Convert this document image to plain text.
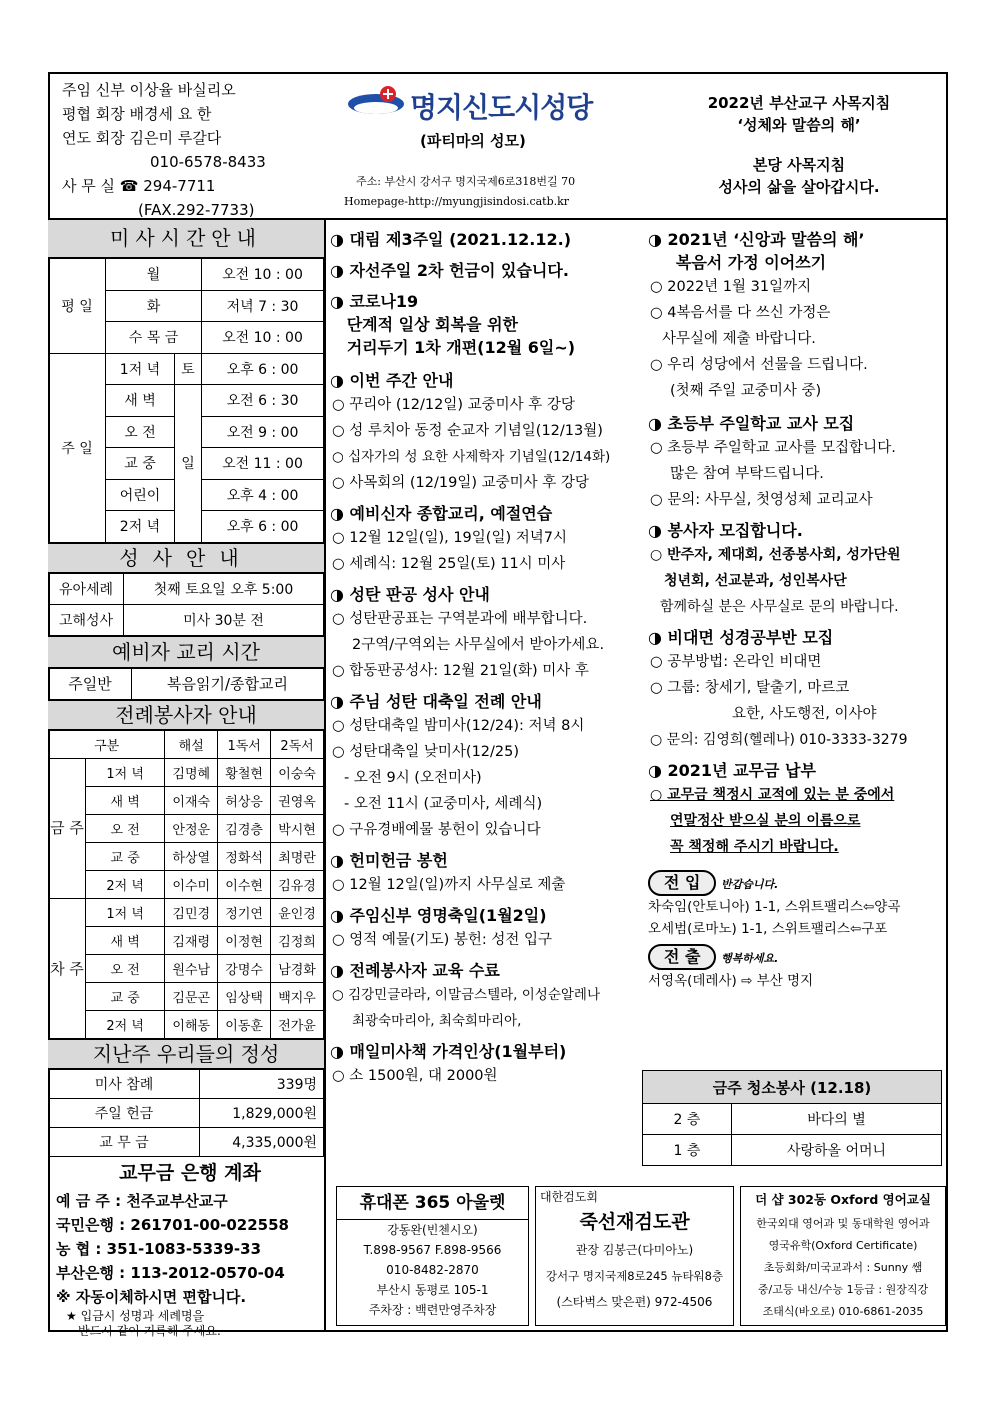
주임 신부 이상율 바실리오
평협 회장 배경세 요 한
연도 회장 김은미 루갈다
010-6578-8433
사 무 실 ☎ 294-7711
(FAX.292-7733)
명지신도시성당
(파티마의 성모)
주소: 부산시 강서구 명지국제6로318번길 70
Homepage-http://myungjisindosi.catb.kr
2022년 부산교구 사목지침
‘성체와 말씀의 해’
본당 사목지침
성사의 삶을 살아갑시다.
미사시간안내
평 일	월		오전 10 : 00
	화		저녁 7 : 30
	수 목 금		오전 10 : 00
주 일	1저 녁	토	오후 6 : 00
	새 벽	일	오전 6 : 30
	오 전		오전 9 : 00
	교 중		오전 11 : 00
	어린이		오후 4 : 00
	2저 녁		오후 6 : 00
성사안내
유아세례	첫째 토요일 오후 5:00
고해성사	미사 30분 전
예비자 교리 시간
주일반	복음읽기/종합교리
전례봉사자 안내
구분		해설	1독서	2독서
금 주	1저 녁	김명혜	황철현	이숭숙
	새 벽	이재숙	허상응	권영옥
	오 전	안정운	김경층	박시현
	교 중	하상열	정화석	최명란
	2저 녁	이수미	이수현	김유경
차 주	1저 녁	김민경	정기연	윤인경
	새 벽	김재령	이정현	김정희
	오 전	원수남	강명수	남경화
	교 중	김문곤	임상택	백지우
	2저 녁	이해동	이동훈	전가윤
지난주 우리들의 정성
미사 참례	339명
주일 헌금	1,829,000원
교 무 금	4,335,000원
교무금 은행 계좌
예 금 주 : 천주교부산교구
국민은행 : 261701-00-022558
농 협 : 351-1083-5339-33
부산은행 : 113-2012-0570-04
※ 자동이체하시면 편합니다.
★ 입금시 성명과 세례명을
반드시 같이 기록해 주세요.
◑ 대림 제3주일 (2021.12.12.)
◑ 자선주일 2차 헌금이 있습니다.
◑ 코로나19
단계적 일상 회복을 위한
거리두기 1차 개편(12월 6일~)
◑ 이번 주간 안내
○ 꾸리아 (12/12일) 교중미사 후 강당
○ 성 루치아 동정 순교자 기념일(12/13월)
○ 십자가의 성 요한 사제학자 기념일(12/14화)
○ 사목회의 (12/19일) 교중미사 후 강당
◑ 예비신자 종합교리, 예절연습
○ 12월 12일(일), 19일(일) 저녁7시
○ 세례식: 12월 25일(토) 11시 미사
◑ 성탄 판공 성사 안내
○ 성탄판공표는 구역분과에 배부합니다.
2구역/구역외는 사무실에서 받아가세요.
○ 합동판공성사: 12월 21일(화) 미사 후
◑ 주님 성탄 대축일 전례 안내
○ 성탄대축일 밤미사(12/24): 저녁 8시
○ 성탄대축일 낮미사(12/25)
- 오전 9시 (오전미사)
- 오전 11시 (교중미사, 세례식)
○ 구유경배예물 봉헌이 있습니다
◑ 헌미헌금 봉헌
○ 12월 12일(일)까지 사무실로 제출
◑ 주임신부 영명축일(1월2일)
○ 영적 예물(기도) 봉헌: 성전 입구
◑ 전례봉사자 교육 수료
○ 김강민글라라, 이말금스텔라, 이성순알레나
최광숙마리아, 최숙희마리아,
◑ 매일미사책 가격인상(1월부터)
○ 소 1500원, 대 2000원
◑ 2021년 ‘신앙과 말씀의 해’
복음서 가정 이어쓰기
○ 2022년 1월 31일까지
○ 4복음서를 다 쓰신 가정은
사무실에 제출 바랍니다.
○ 우리 성당에서 선물을 드립니다.
(첫째 주일 교중미사 중)
◑ 초등부 주일학교 교사 모집
○ 초등부 주일학교 교사를 모집합니다.
많은 참여 부탁드립니다.
○ 문의: 사무실, 첫영성체 교리교사
◑ 봉사자 모집합니다.
○ 반주자, 제대회, 선종봉사회, 성가단원
청년회, 선교분과, 성인복사단
함께하실 분은 사무실로 문의 바랍니다.
◑ 비대면 성경공부반 모집
○ 공부방법: 온라인 비대면
○ 그룹: 창세기, 탈출기, 마르코
요한, 사도행전, 이사야
○ 문의: 김영희(헬레나) 010-3333-3279
◑ 2021년 교무금 납부
○ 교무금 책정시 교적에 있는 분 중에서
연말정산 받으실 분의 이름으로
꼭 책정해 주시기 바랍니다.
전 입 반갑습니다.
차숙임(안토니아) 1-1, 스위트팰리스⇦양곡
오세범(로마노) 1-1, 스위트팰리스⇦구포
전 출 행복하세요.
서영옥(데레사) ⇨ 부산 명지
금주 청소봉사 (12.18)	
2 층	바다의 별
1 층	사랑하올 어머니
휴대폰 365 아울렛
강동완(빈첸시오)
T.898-9567 F.898-9566
010-8482-2870
부산시 동평로 105-1
주차장 : 백련만영주차장
대한검도회
죽선재검도관
관장 김봉근(다미아노)
강서구 명지국제8로245 뉴타워8층
(스타벅스 맞은편) 972-4506
더 샵 302동 Oxford 영어교실
한국외대 영어과 및 동대학원 영어과
영국유학(Oxford Certificate)
초등회화/미국교과서 : Sunny 쌤
중/고등 내신/수능 1등급 : 원장직강
조태식(바오로) 010-6861-2035
